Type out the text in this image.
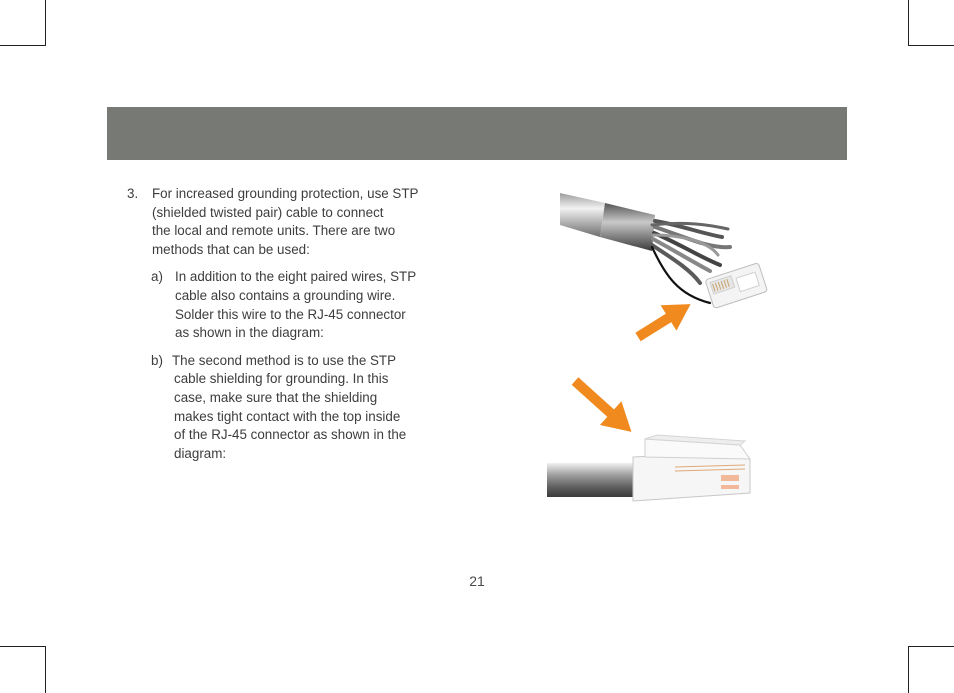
3. For increased grounding protection, use STP
(shielded twisted pair) cable to connect
the local and remote units. There are two
methods that can be used:
a) In addition to the eight paired wires, STP
cable also contains a grounding wire.
Solder this wire to the RJ-45 connector
as shown in the diagram:
b) The second method is to use the STP
cable shielding for grounding. In this
case, make sure that the shielding
makes tight contact with the top inside
of the RJ-45 connector as shown in the
diagram:
21
